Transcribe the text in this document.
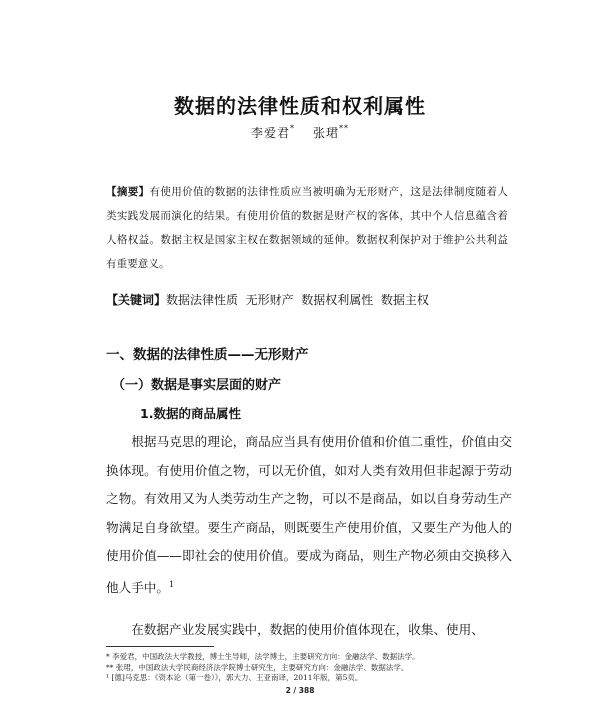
数据的法律性质和权利属性
李爱君* 张珺**
【摘要】有使用价值的数据的法律性质应当被明确为无形财产，这是法律制度随着人类实践发展而演化的结果。有使用价值的数据是财产权的客体，其中个人信息蕴含着人格权益。数据主权是国家主权在数据领域的延伸。数据权利保护对于维护公共利益有重要意义。
【关键词】数据法律性质  无形财产  数据权利属性  数据主权
一、数据的法律性质——无形财产
（一）数据是事实层面的财产
1.数据的商品属性

根据马克思的理论，商品应当具有使用价值和价值二重性，价值由交换体现。有使用价值之物，可以无价值，如对人类有效用但非起源于劳动之物。有效用又为人类劳动生产之物，可以不是商品，如以自身劳动生产物满足自身欲望。要生产商品，则既要生产使用价值，又要生产为他人的使用价值——即社会的使用价值。要成为商品，则生产物必须由交换移入他人手中。$^1$

在数据产业发展实践中，数据的使用价值体现在，收集、使用、

* 李爱君，中国政法大学教授，博士生导师，法学博士，主要研究方向：金融法学、数据法学。
** 张珺，中国政法大学民商经济法学院博士研究生，主要研究方向：金融法学、数据法学。
¹ [德]马克思：《资本论（第一卷）》，郭大力、王亚南译，2011年版，第5页。
2 / 388
